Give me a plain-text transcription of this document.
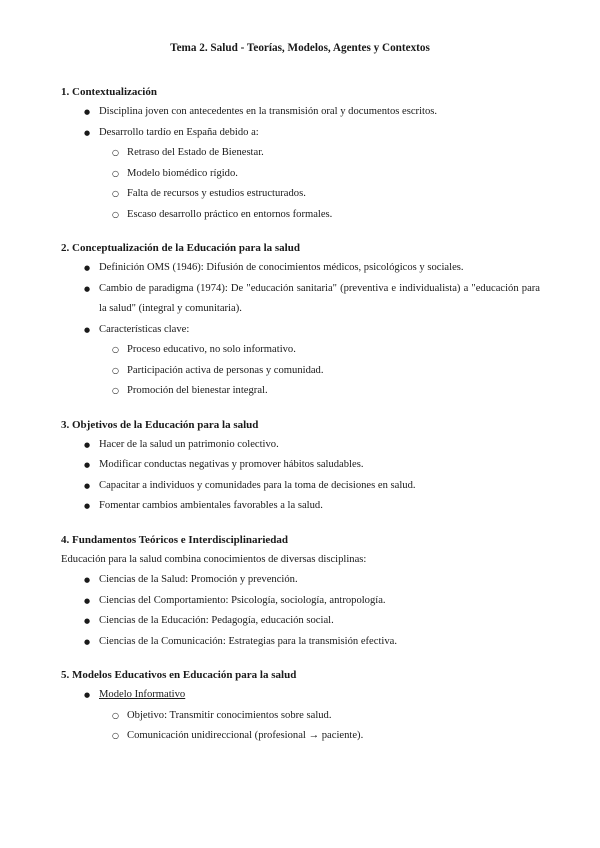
Tema 2. Salud - Teorías, Modelos, Agentes y Contextos
1. Contextualización
● Disciplina joven con antecedentes en la transmisión oral y documentos escritos.
● Desarrollo tardío en España debido a:
○ Retraso del Estado de Bienestar.
○ Modelo biomédico rígido.
○ Falta de recursos y estudios estructurados.
○ Escaso desarrollo práctico en entornos formales.
2. Conceptualización de la Educación para la salud
● Definición OMS (1946): Difusión de conocimientos médicos, psicológicos y sociales.
● Cambio de paradigma (1974): De "educación sanitaria" (preventiva e individualista) a "educación para la salud" (integral y comunitaria).
● Características clave:
○ Proceso educativo, no solo informativo.
○ Participación activa de personas y comunidad.
○ Promoción del bienestar integral.
3. Objetivos de la Educación para la salud
● Hacer de la salud un patrimonio colectivo.
● Modificar conductas negativas y promover hábitos saludables.
● Capacitar a individuos y comunidades para la toma de decisiones en salud.
● Fomentar cambios ambientales favorables a la salud.
4. Fundamentos Teóricos e Interdisciplinariedad

Educación para la salud combina conocimientos de diversas disciplinas:

● Ciencias de la Salud: Promoción y prevención.
● Ciencias del Comportamiento: Psicología, sociología, antropología.
● Ciencias de la Educación: Pedagogía, educación social.
● Ciencias de la Comunicación: Estrategias para la transmisión efectiva.
5. Modelos Educativos en Educación para la salud
● Modelo Informativo
○ Objetivo: Transmitir conocimientos sobre salud.
○ Comunicación unidireccional (profesional → paciente).
